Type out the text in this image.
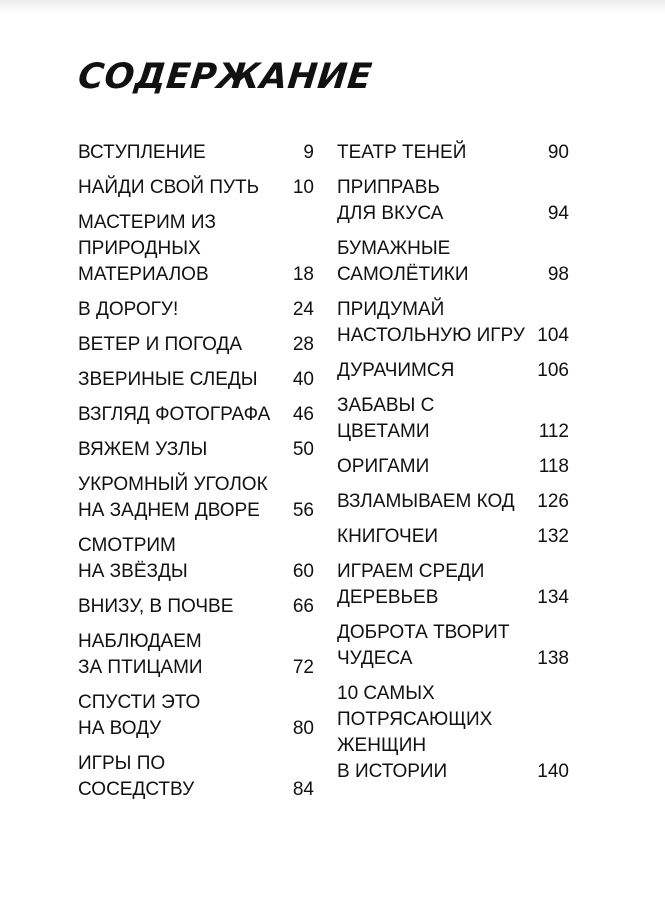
СОДЕРЖАНИЕ
ВСТУПЛЕНИЕ	9
НАЙДИ СВОЙ ПУТЬ	10
МАСТЕРИМ ИЗ
ПРИРОДНЫХ
МАТЕРИАЛОВ	18
В ДОРОГУ!	24
ВЕТЕР И ПОГОДА	28
ЗВЕРИНЫЕ СЛЕДЫ	40
ВЗГЛЯД ФОТОГРАФА	46
ВЯЖЕМ УЗЛЫ	50
УКРОМНЫЙ УГОЛОК
НА ЗАДНЕМ ДВОРЕ	56
СМОТРИМ
НА ЗВЁЗДЫ	60
ВНИЗУ, В ПОЧВЕ	66
НАБЛЮДАЕМ
ЗА ПТИЦАМИ	72
СПУСТИ ЭТО
НА ВОДУ	80
ИГРЫ ПО СОСЕДСТВУ	84
ТЕАТР ТЕНЕЙ	90
ПРИПРАВЬ
ДЛЯ ВКУСА	94
БУМАЖНЫЕ
САМОЛЁТИКИ	98
ПРИДУМАЙ
НАСТОЛЬНУЮ ИГРУ 104
ДУРАЧИМСЯ	106
ЗАБАВЫ С ЦВЕТАМИ	112
ОРИГАМИ	118
ВЗЛАМЫВАЕМ КОД	126
КНИГОЧЕИ	132
ИГРАЕМ СРЕДИ
ДЕРЕВЬЕВ	134
ДОБРОТА ТВОРИТ
ЧУДЕСА	138
10 САМЫХ
ПОТРЯСАЮЩИХ
ЖЕНЩИН
В ИСТОРИИ	140
